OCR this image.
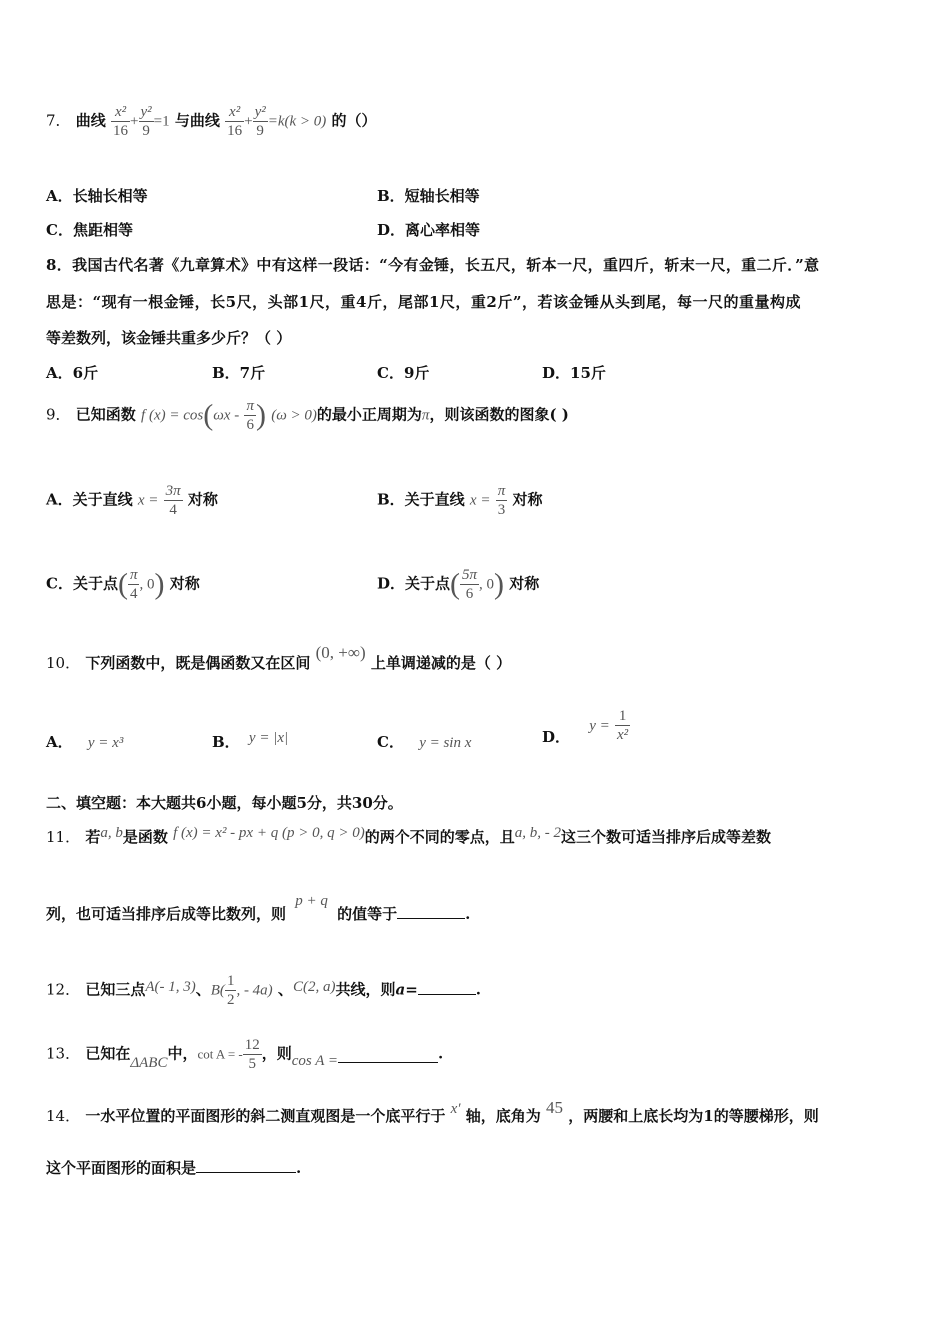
7． 曲线 $\frac{\text{x²}}{16} + \frac{\text{y²}}{9} =1$ 与曲线 $\frac{\text{x²}}{16} + \frac{\text{y²}}{9} =k(k > 0)$ 的（）
A．长轴长相等	B．短轴长相等
C．焦距相等	D．离心率相等
8．我国古代名著《九章算术》中有这样一段话：“今有金锤，长五尺，斩本一尺，重四斤，斩末一尺，重二斤．”意
思是：“现有一根金锤，长5尺，头部1尺，重4斤，尾部1尺，重2斤”，若该金锤从头到尾，每一尺的重量构成
等差数列，该金锤共重多少斤？（ ）
A．6斤	B．7斤	C．9斤	D．15斤
9． 已知函数 f $(x) = \cos(\omega x - \frac{\pi}{6}$ ) (ω > 0)的最小正周期为π，则该函数的图象( )
A．关于直线 $x = \frac{3\pi}{4}$ 对称	B．关于直线 $x = \frac{\pi}{3}$ 对称
C．关于点( $\frac{\pi}{4}$ , 0) 对称	D．关于点( $\frac{5\pi}{6}$ , 0) 对称
10． 下列函数中，既是偶函数又在区间 (0, +∞) 上单调递减的是（ ）
A． y = x³	B． y = |x|	C． y = sin x	D． $y = \frac{1}{\text{x²}}$
二、填空题：本大题共6小题，每小题5分，共30分。
11． 若a, b是函数 f (x) = x² - px + q (p > 0, q > 0)的两个不同的零点，且a, b, - 2这三个数可适当排序后成等差数
列，也可适当排序后成等比数列，则 p + q 的值等于	.
12． 已知三点A(- 1, 3)、$B( \frac{1}{2}$ , - 4a) 、C(2, a)共线，则a=	.
13． 已知在ΔABC中，cot A = - $\frac{12}{5}$ ，则cos A =	.
14． 一水平位置的平面图形的斜二测直观图是一个底平行于 x′ 轴，底角为 45 ，两腰和上底长均为1的等腰梯形，则
这个平面图形的面积是	.
